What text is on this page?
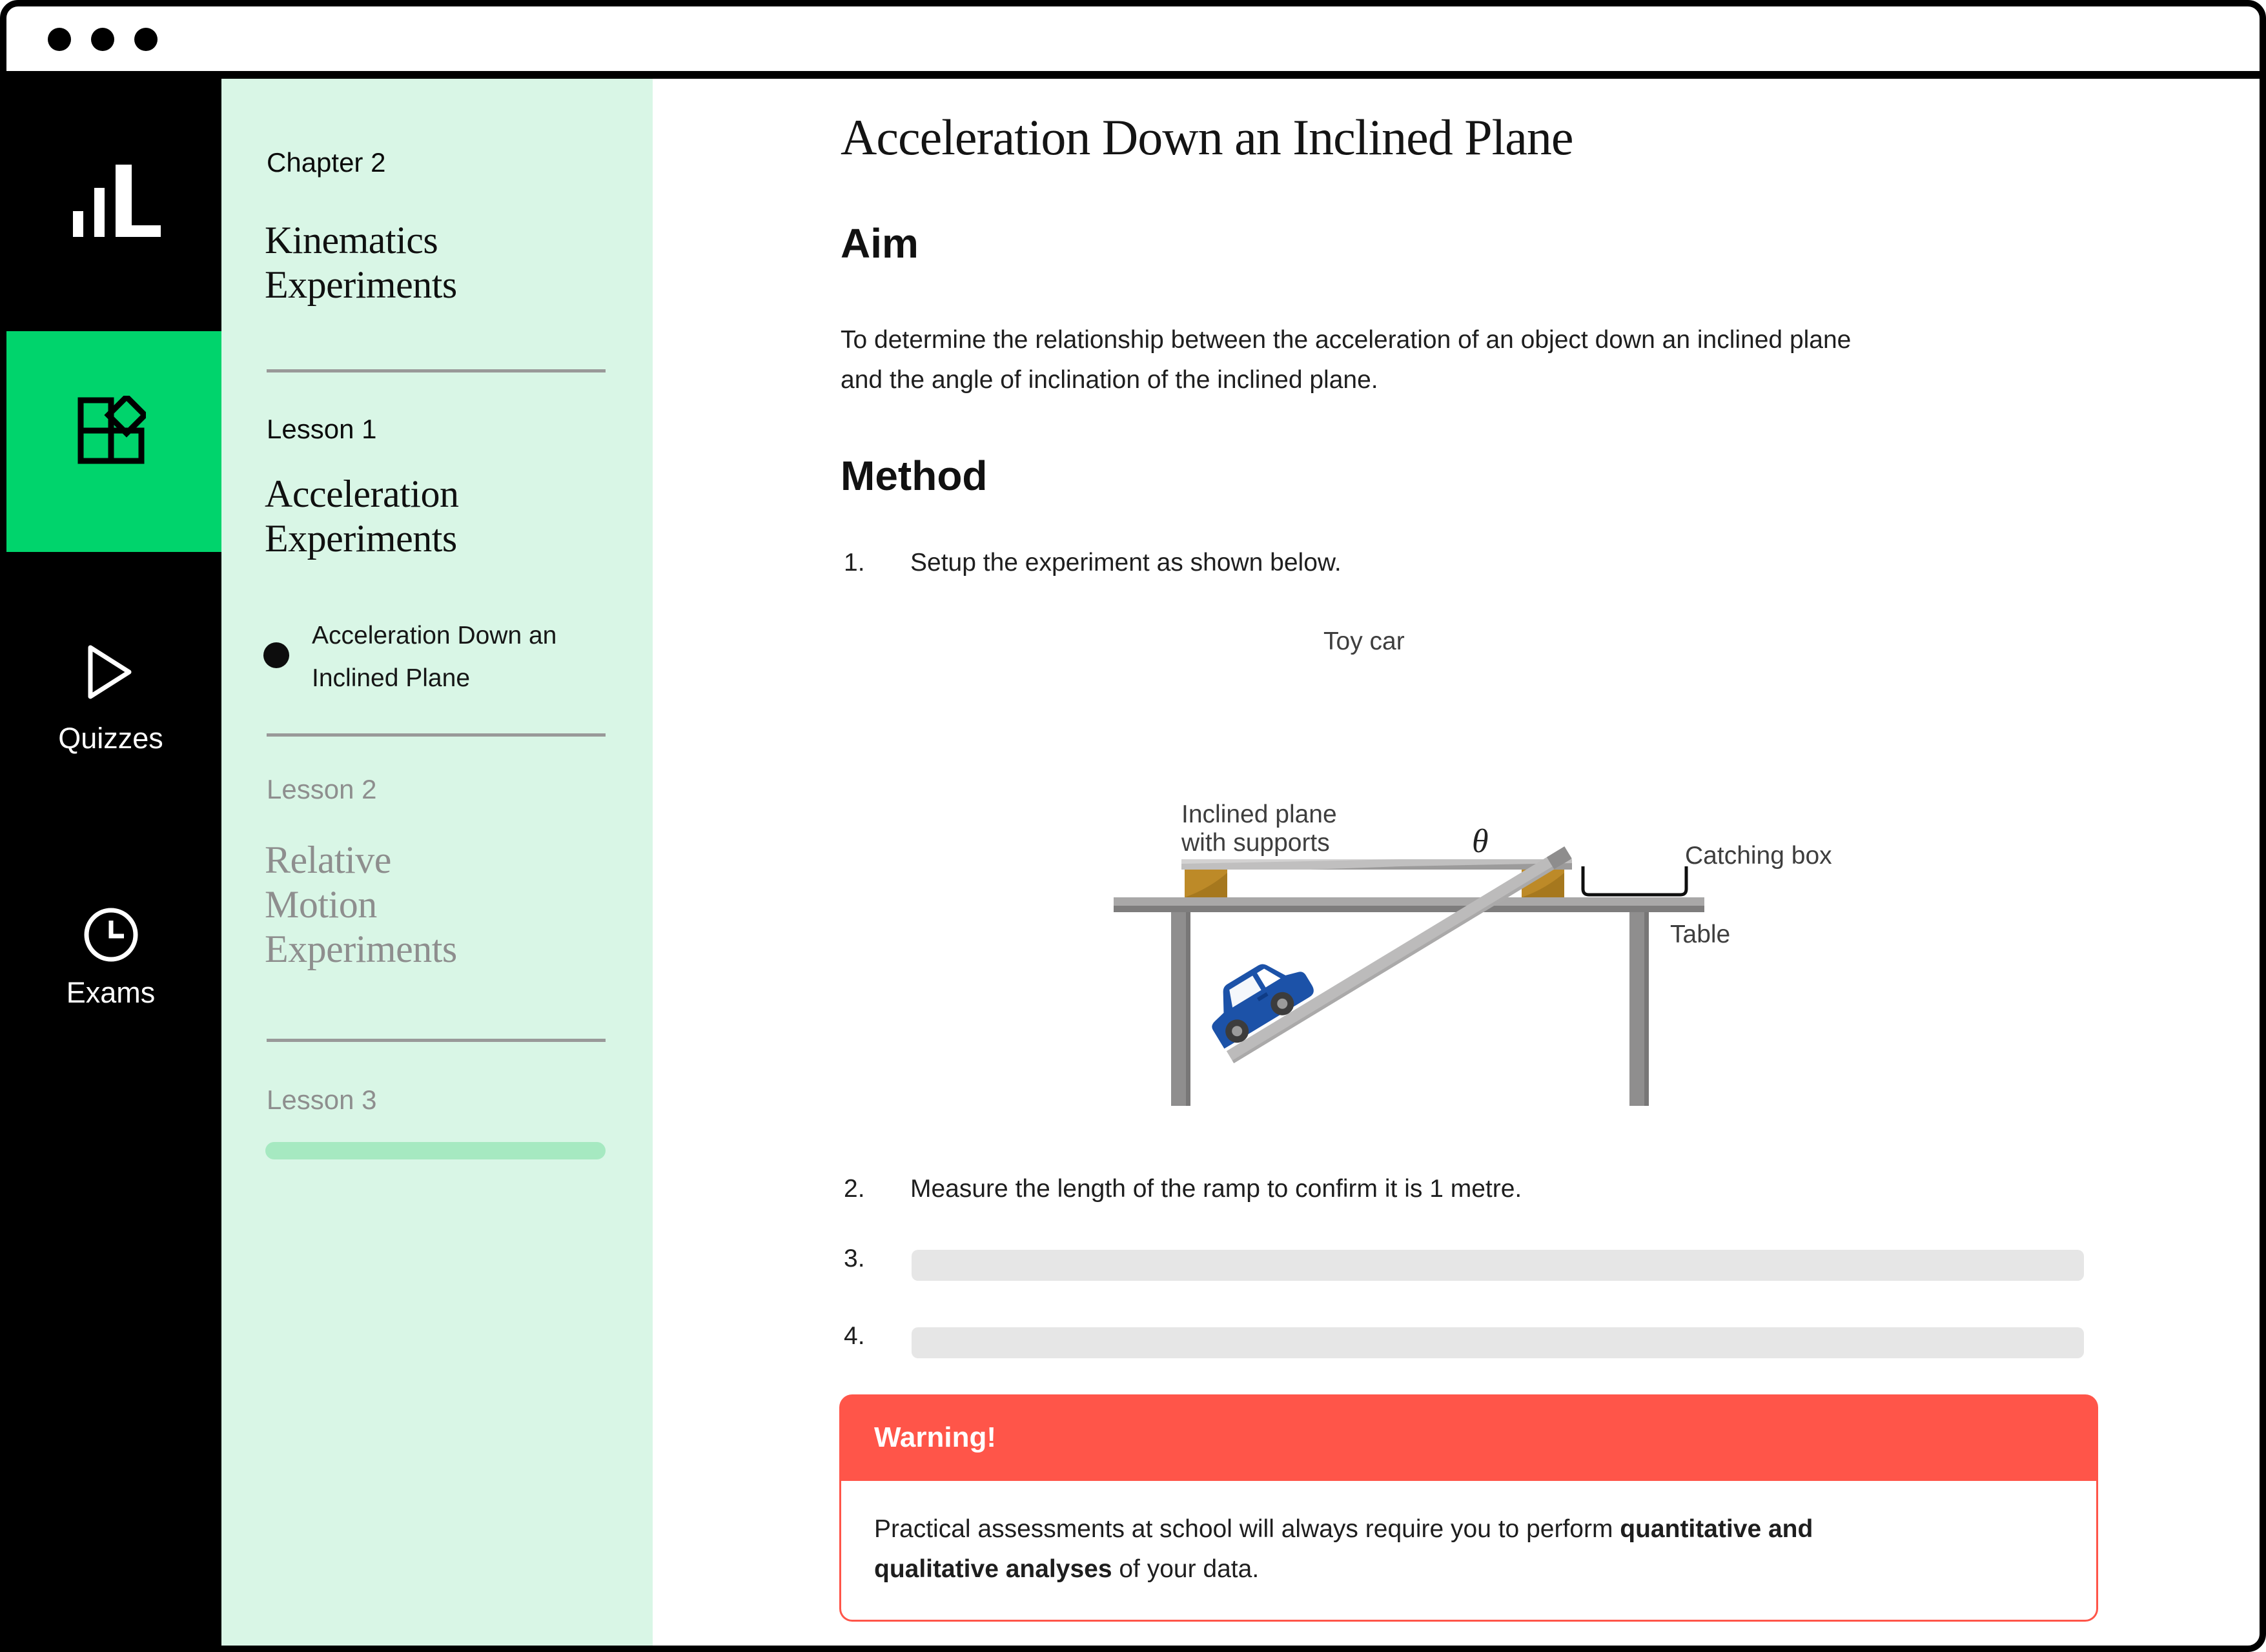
Theory
Quizzes
Exams
Chapter 2
Kinematics
Experiments
Lesson 1
Acceleration
Experiments
Acceleration Down an
Inclined Plane
Lesson 2
Relative
Motion
Experiments
Lesson 3
Acceleration Down an Inclined Plane
Aim
To determine the relationship between the acceleration of an object down an inclined plane
and the angle of inclination of the inclined plane.
Method
1. Setup the experiment as shown below.
Toy car
Inclined plane
with supports	θ	Catching box
Table
2. Measure the length of the ramp to confirm it is 1 metre.
3.
4.
Warning!
Practical assessments at school will always require you to perform quantitative and
qualitative analyses of your data.
